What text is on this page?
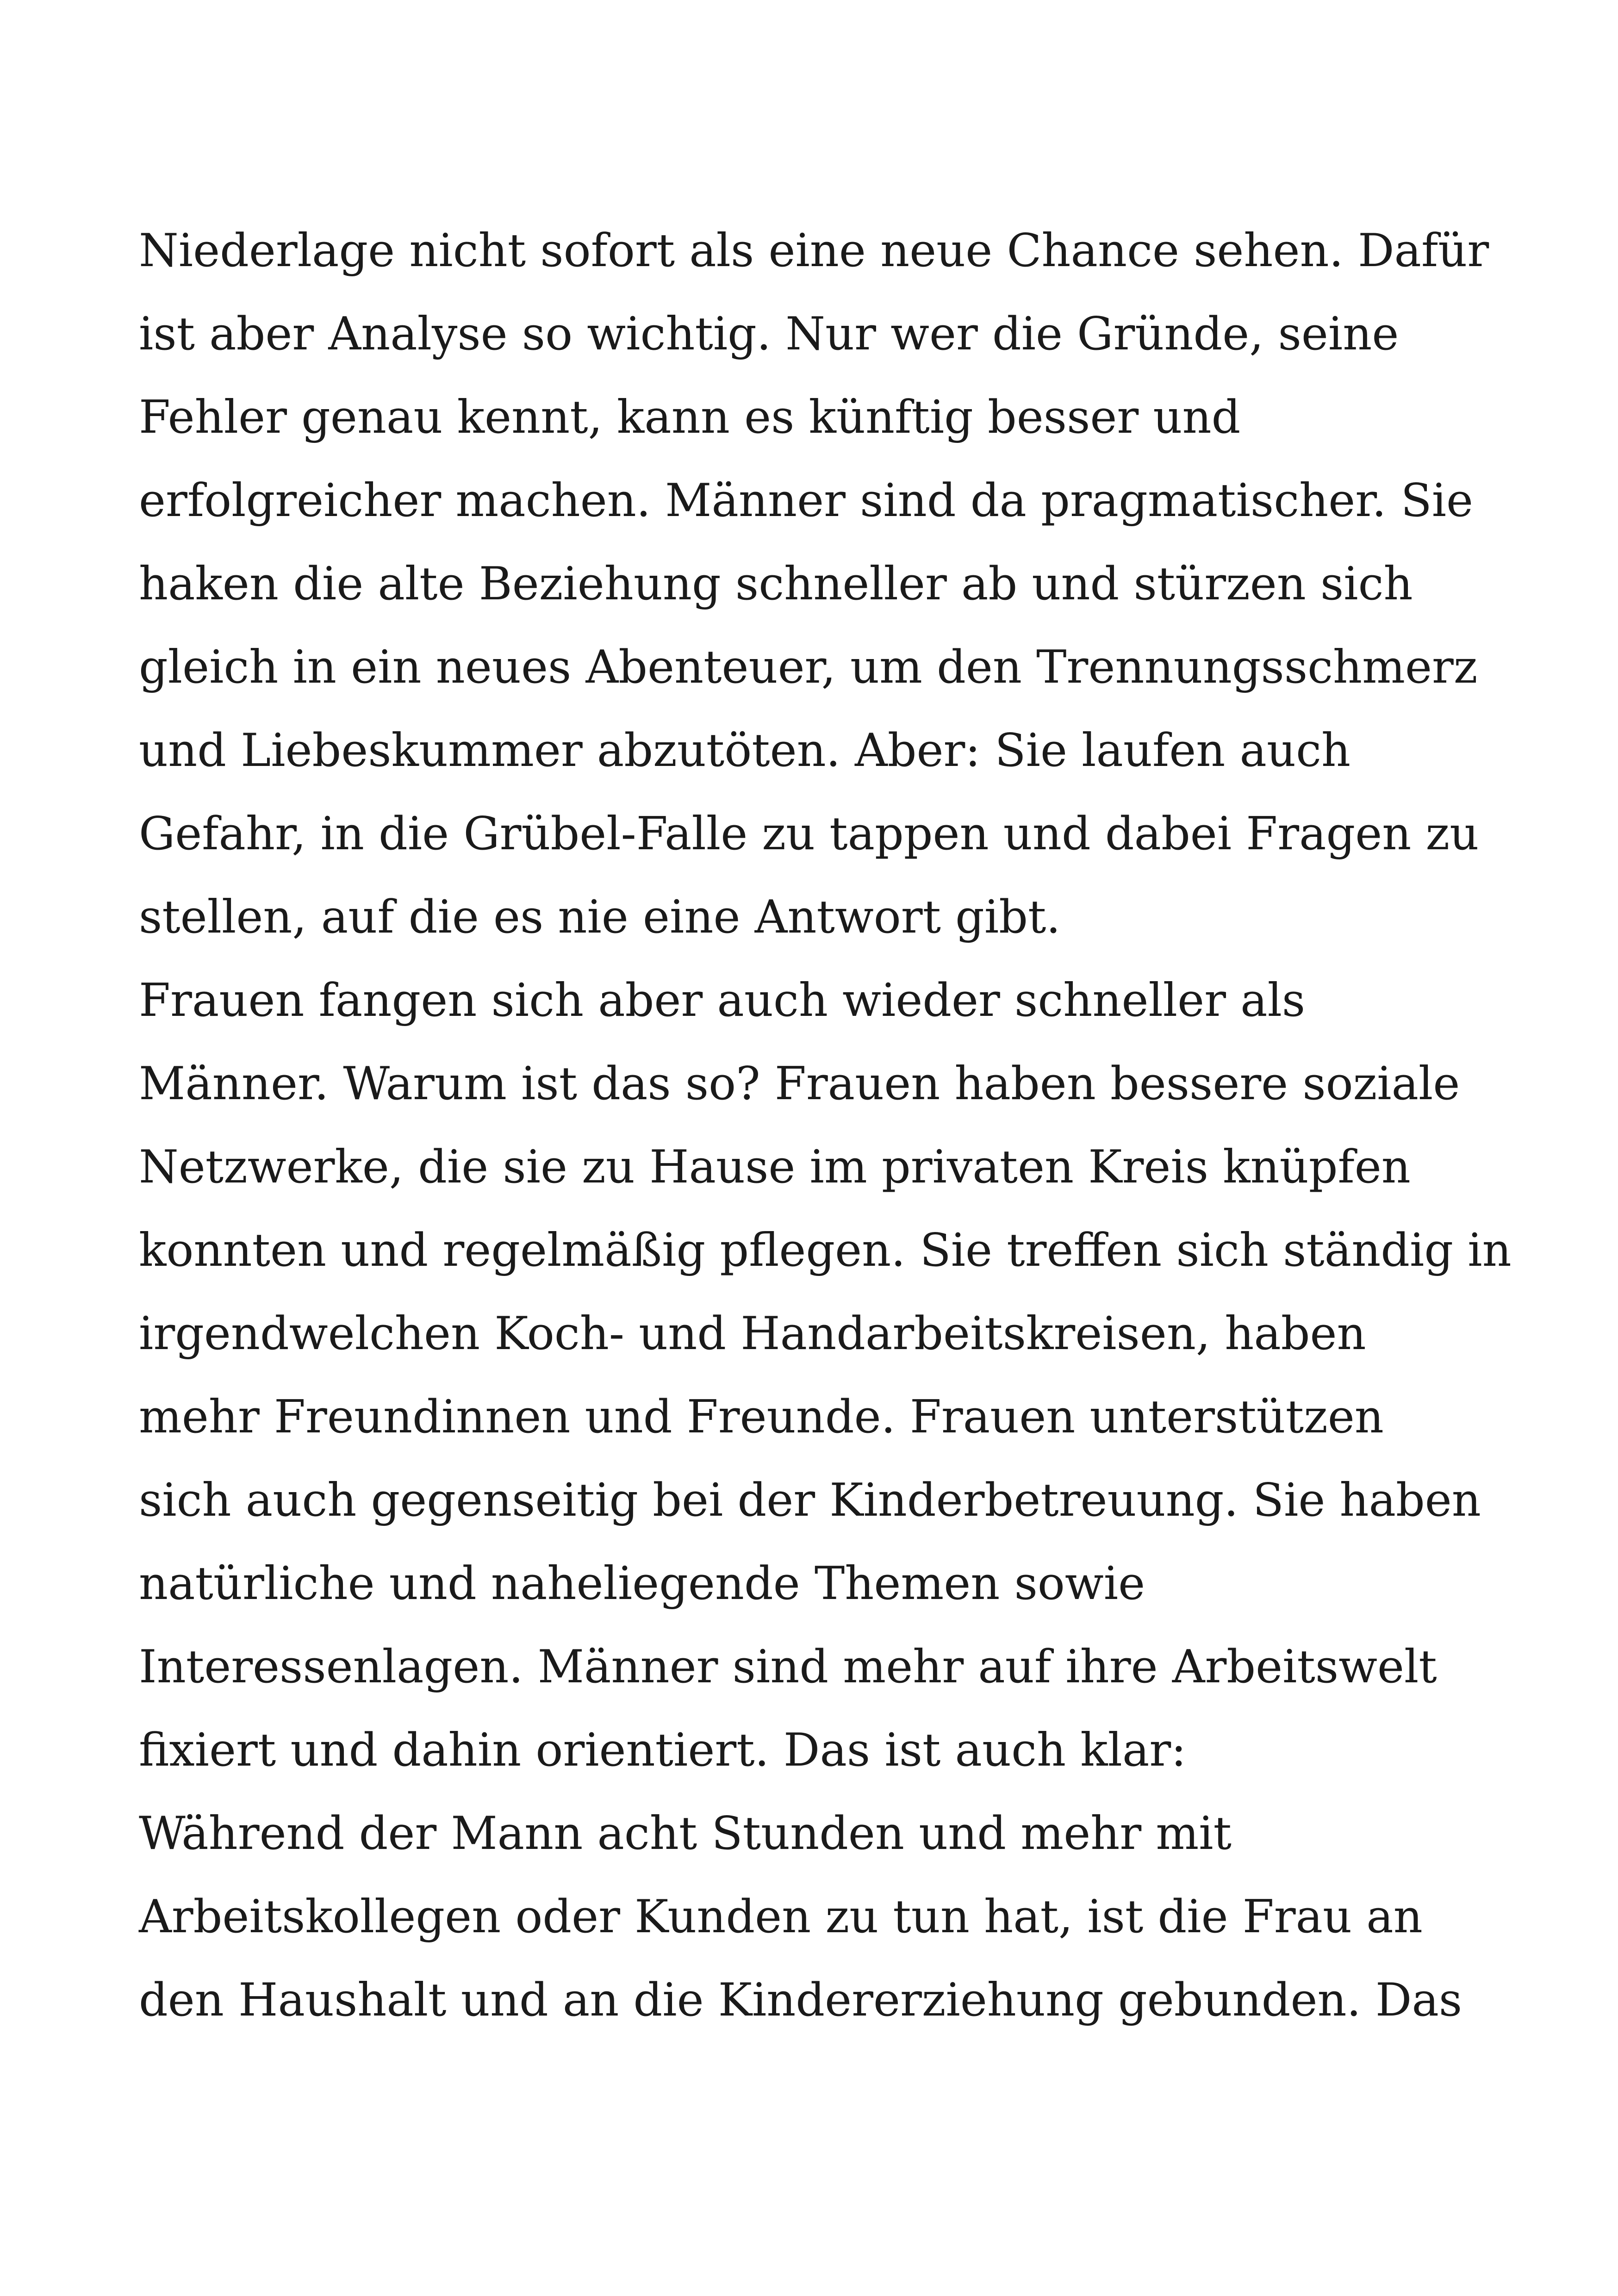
Niederlage nicht sofort als eine neue Chance sehen. Dafür
ist aber Analyse so wichtig. Nur wer die Gründe, seine
Fehler genau kennt, kann es künftig besser und
erfolgreicher machen. Männer sind da pragmatischer. Sie
haken die alte Beziehung schneller ab und stürzen sich
gleich in ein neues Abenteuer, um den Trennungsschmerz
und Liebeskummer abzutöten. Aber: Sie laufen auch
Gefahr, in die Grübel-Falle zu tappen und dabei Fragen zu
stellen, auf die es nie eine Antwort gibt.
Frauen fangen sich aber auch wieder schneller als
Männer. Warum ist das so? Frauen haben bessere soziale
Netzwerke, die sie zu Hause im privaten Kreis knüpfen
konnten und regelmäßig pflegen. Sie treffen sich ständig in
irgendwelchen Koch- und Handarbeitskreisen, haben
mehr Freundinnen und Freunde. Frauen unterstützen
sich auch gegenseitig bei der Kinderbetreuung. Sie haben
natürliche und naheliegende Themen sowie
Interessenlagen. Männer sind mehr auf ihre Arbeitswelt
fixiert und dahin orientiert. Das ist auch klar:
Während der Mann acht Stunden und mehr mit
Arbeitskollegen oder Kunden zu tun hat, ist die Frau an
den Haushalt und an die Kindererziehung gebunden. Das
